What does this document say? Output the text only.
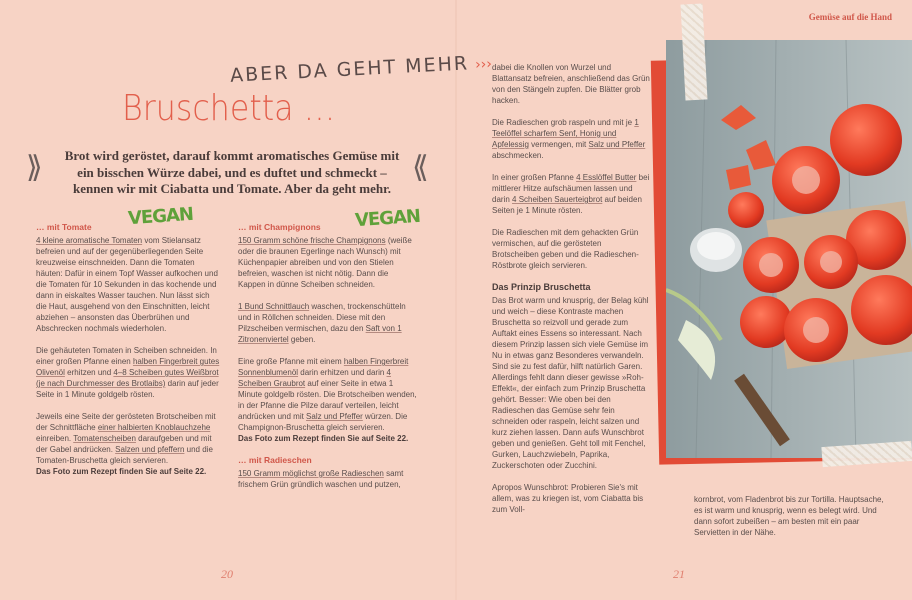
Gemüse auf die Hand
ABER DA GEHT MEHR ›››
Bruschetta …
⟫ Brot wird geröstet, darauf kommt aromatisches Gemüse mit ein bisschen Würze dabei, und es duftet und schmeckt – kennen wir mit Ciabatta und Tomate. Aber da geht mehr.
⟪
VEGAN	VEGAN
… mit Tomate

4 kleine aromatische Tomaten vom Stielansatz befreien und auf der gegenüberliegenden Seite kreuzweise einschneiden. Dann die Tomaten häuten: Dafür in einem Topf Wasser aufkochen und die Tomaten für 10 Sekunden in das kochende und dann in eiskaltes Wasser tauchen. Nun lässt sich die Haut, ausgehend von den Einschnitten, leicht abziehen – ansonsten das Überbrühen und Abschrecken nochmals wiederholen.

Die gehäuteten Tomaten in Scheiben schneiden. In einer großen Pfanne einen halben Fingerbreit gutes Olivenöl erhitzen und 4–8 Scheiben gutes Weißbrot (je nach Durchmesser des Brotlaibs) darin auf jeder Seite in 1 Minute goldgelb rösten.

Jeweils eine Seite der gerösteten Brotscheiben mit der Schnittfläche einer halbierten Knoblauchzehe einreiben. Tomatenscheiben daraufgeben und mit der Gabel andrücken. Salzen und pfeffern und die Tomaten-Bruschetta gleich servieren.
Das Foto zum Rezept finden Sie auf Seite 22.

… mit Champignons

150 Gramm schöne frische Champignons (weiße oder die braunen Egerlinge nach Wunsch) mit Küchenpapier abreiben und von den Stielen befreien, waschen ist nicht nötig. Dann die Kappen in dünne Scheiben schneiden.

1 Bund Schnittlauch waschen, trockenschütteln und in Röllchen schneiden. Diese mit den Pilzscheiben vermischen, dazu den Saft von 1 Zitronenviertel geben.

Eine große Pfanne mit einem halben Fingerbreit Sonnenblumenöl darin erhitzen und darin 4 Scheiben Graubrot auf einer Seite in etwa 1 Minute goldgelb rösten. Die Brotscheiben wenden, in der Pfanne die Pilze darauf verteilen, leicht andrücken und mit Salz und Pfeffer würzen. Die Champignon-Bruschetta gleich servieren.
Das Foto zum Rezept finden Sie auf Seite 22.

… mit Radieschen

150 Gramm möglichst große Radieschen samt frischem Grün gründlich waschen und putzen,

dabei die Knollen von Wurzel und Blattansatz befreien, anschließend das Grün von den Stängeln zupfen. Die Blätter grob hacken.

Die Radieschen grob raspeln und mit je 1 Teelöffel scharfem Senf, Honig und Apfelessig vermengen, mit Salz und Pfeffer abschmecken.

In einer großen Pfanne 4 Esslöffel Butter bei mittlerer Hitze aufschäumen lassen und darin 4 Scheiben Sauerteigbrot auf beiden Seiten je 1 Minute rösten.

Die Radieschen mit dem gehackten Grün vermischen, auf die gerösteten Brotscheiben geben und die Radieschen-Röstbrote gleich servieren.

Das Prinzip Bruschetta

Das Brot warm und knusprig, der Belag kühl und weich – diese Kontraste machen Bruschetta so reizvoll und gerade zum Auftakt eines Essens so interessant. Nach diesem Prinzip lassen sich viele Gemüse im Nu in etwas ganz Besonderes verwandeln. Sind sie zu fest dafür, hilft natürlich Garen. Allerdings fehlt dann dieser gewisse »Roh-Effekt«, der einfach zum Prinzip Bruschetta gehört. Besser: Wie oben bei den Radieschen das Gemüse sehr fein schneiden oder raspeln, leicht salzen und kurz ziehen lassen. Dann aufs Wunschbrot geben und genießen. Geht toll mit Fenchel, Gurken, Lauchzwiebeln, Paprika, Zuckerschoten oder Zucchini.

Apropos Wunschbrot: Probieren Sie's mit allem, was zu kriegen ist, vom Ciabatta bis zum Voll-

kornbrot, vom Fladenbrot bis zur Tortilla. Hauptsache, es ist warm und knusprig, wenn es belegt wird. Und dann sofort zubeißen – am besten mit ein paar Servietten in der Nähe.

20	21
